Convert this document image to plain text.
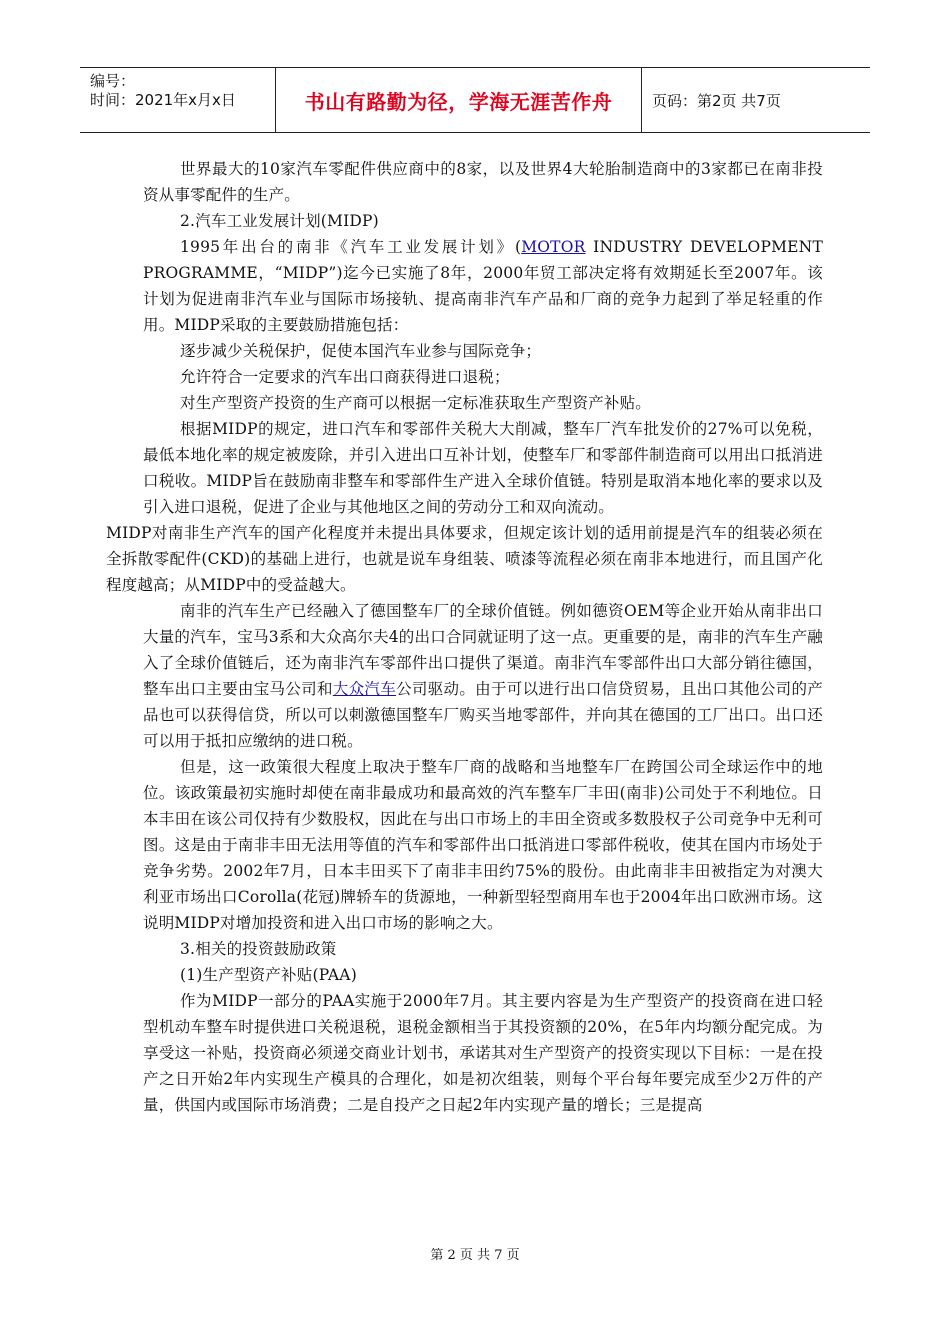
编号：
时间：2021年x月x日	书山有路勤为径，学海无涯苦作舟	页码：第2页 共7页

世界最大的10家汽车零配件供应商中的8家，以及世界4大轮胎制造商中的3家都已在南非投资从事零配件的生产。

2.汽车工业发展计划(MIDP)

1995年出台的南非《汽车工业发展计划》(MOTOR INDUSTRY DEVELOPMENT PROGRAMME，“MIDP”)迄今已实施了8年，2000年贸工部决定将有效期延长至2007年。该计划为促进南非汽车业与国际市场接轨、提高南非汽车产品和厂商的竞争力起到了举足轻重的作用。MIDP采取的主要鼓励措施包括：

逐步减少关税保护，促使本国汽车业参与国际竞争；

允许符合一定要求的汽车出口商获得进口退税；

对生产型资产投资的生产商可以根据一定标准获取生产型资产补贴。

根据MIDP的规定，进口汽车和零部件关税大大削减，整车厂汽车批发价的27%可以免税，最低本地化率的规定被废除，并引入进出口互补计划，使整车厂和零部件制造商可以用出口抵消进口税收。MIDP旨在鼓励南非整车和零部件生产进入全球价值链。特别是取消本地化率的要求以及引入进口退税，促进了企业与其他地区之间的劳动分工和双向流动。

MIDP对南非生产汽车的国产化程度并未提出具体要求，但规定该计划的适用前提是汽车的组装必须在全拆散零配件(CKD)的基础上进行，也就是说车身组装、喷漆等流程必须在南非本地进行，而且国产化程度越高；从MIDP中的受益越大。

南非的汽车生产已经融入了德国整车厂的全球价值链。例如德资OEM等企业开始从南非出口大量的汽车，宝马3系和大众高尔夫4的出口合同就证明了这一点。更重要的是，南非的汽车生产融入了全球价值链后，还为南非汽车零部件出口提供了渠道。南非汽车零部件出口大部分销往德国，整车出口主要由宝马公司和大众汽车公司驱动。由于可以进行出口信贷贸易，且出口其他公司的产品也可以获得信贷，所以可以刺激德国整车厂购买当地零部件，并向其在德国的工厂出口。出口还可以用于抵扣应缴纳的进口税。

但是，这一政策很大程度上取决于整车厂商的战略和当地整车厂在跨国公司全球运作中的地位。该政策最初实施时却使在南非最成功和最高效的汽车整车厂丰田(南非)公司处于不利地位。日本丰田在该公司仅持有少数股权，因此在与出口市场上的丰田全资或多数股权子公司竞争中无利可图。这是由于南非丰田无法用等值的汽车和零部件出口抵消进口零部件税收，使其在国内市场处于竞争劣势。2002年7月，日本丰田买下了南非丰田约75%的股份。由此南非丰田被指定为对澳大利亚市场出口Corolla(花冠)牌轿车的货源地，一种新型轻型商用车也于2004年出口欧洲市场。这说明MIDP对增加投资和进入出口市场的影响之大。

3.相关的投资鼓励政策

(1)生产型资产补贴(PAA)

作为MIDP一部分的PAA实施于2000年7月。其主要内容是为生产型资产的投资商在进口轻型机动车整车时提供进口关税退税，退税金额相当于其投资额的20%，在5年内均额分配完成。为享受这一补贴，投资商必须递交商业计划书，承诺其对生产型资产的投资实现以下目标：一是在投产之日开始2年内实现生产模具的合理化，如是初次组装，则每个平台每年要完成至少2万件的产量，供国内或国际市场消费；二是自投产之日起2年内实现产量的增长；三是提高

第 2 页 共 7 页
